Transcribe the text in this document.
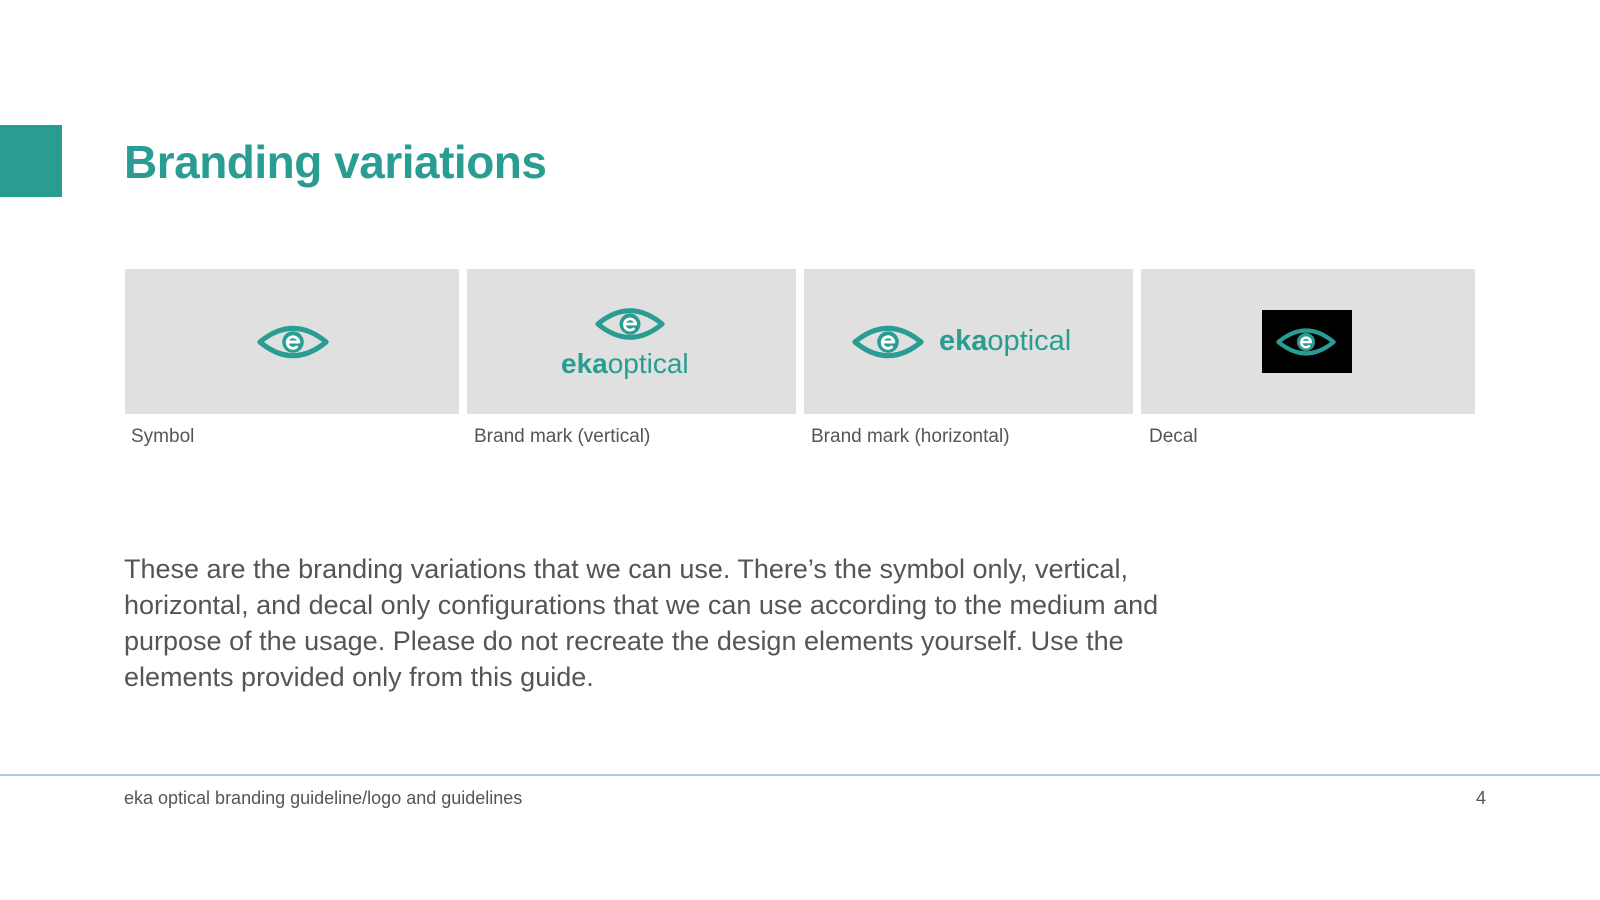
Branding variations
ekaoptical
ekaoptical
Symbol	Brand mark (vertical)	Brand mark (horizontal)	Decal

These are the branding variations that we can use. There’s the symbol only, vertical, horizontal, and decal only configurations that we can use according to the medium and purpose of the usage. Please do not recreate the design elements yourself. Use the elements provided only from this guide.

eka optical branding guideline/logo and guidelines	4
